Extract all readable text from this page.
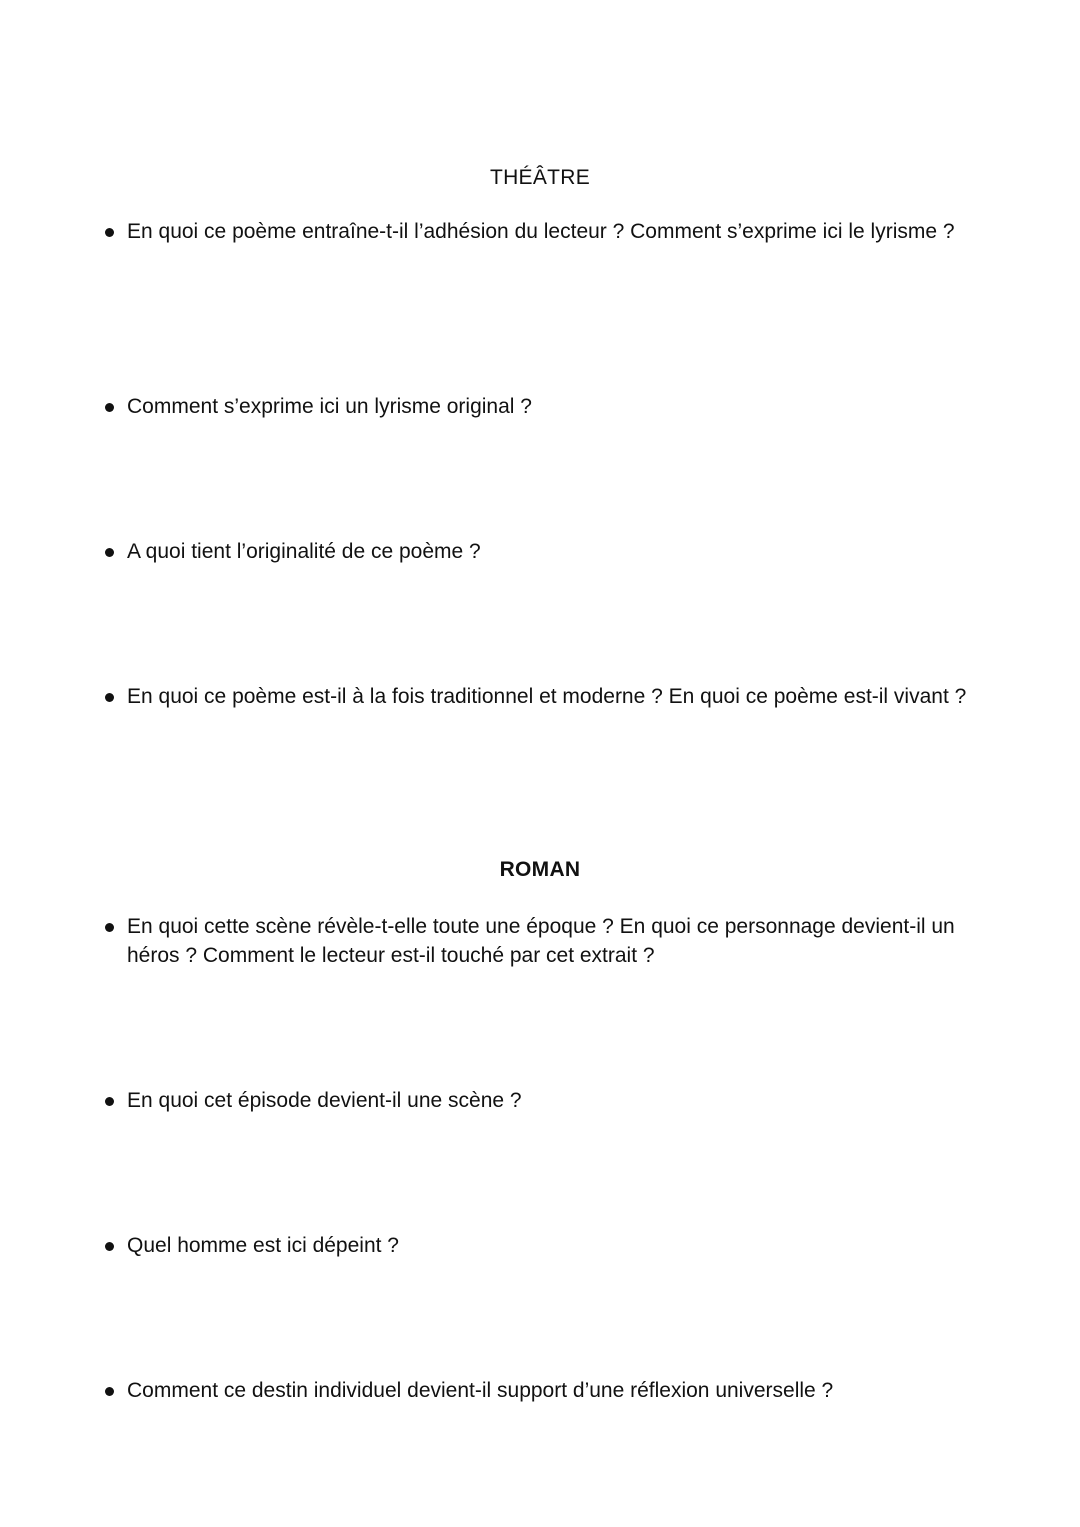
THÉÂTRE
En quoi ce poème entraîne-t-il l’adhésion du lecteur ? Comment s’exprime ici le lyrisme ?
Comment s’exprime ici un lyrisme original ?
A quoi tient l’originalité de ce poème ?
En quoi ce poème est-il à la fois traditionnel et moderne ? En quoi ce poème est-il vivant ?
ROMAN
En quoi cette scène révèle-t-elle toute une époque ? En quoi ce personnage devient-il un héros ? Comment le lecteur est-il touché par cet extrait ?
En quoi cet épisode devient-il une scène ?
Quel homme est ici dépeint ?
Comment ce destin individuel devient-il support d’une réflexion universelle ?
